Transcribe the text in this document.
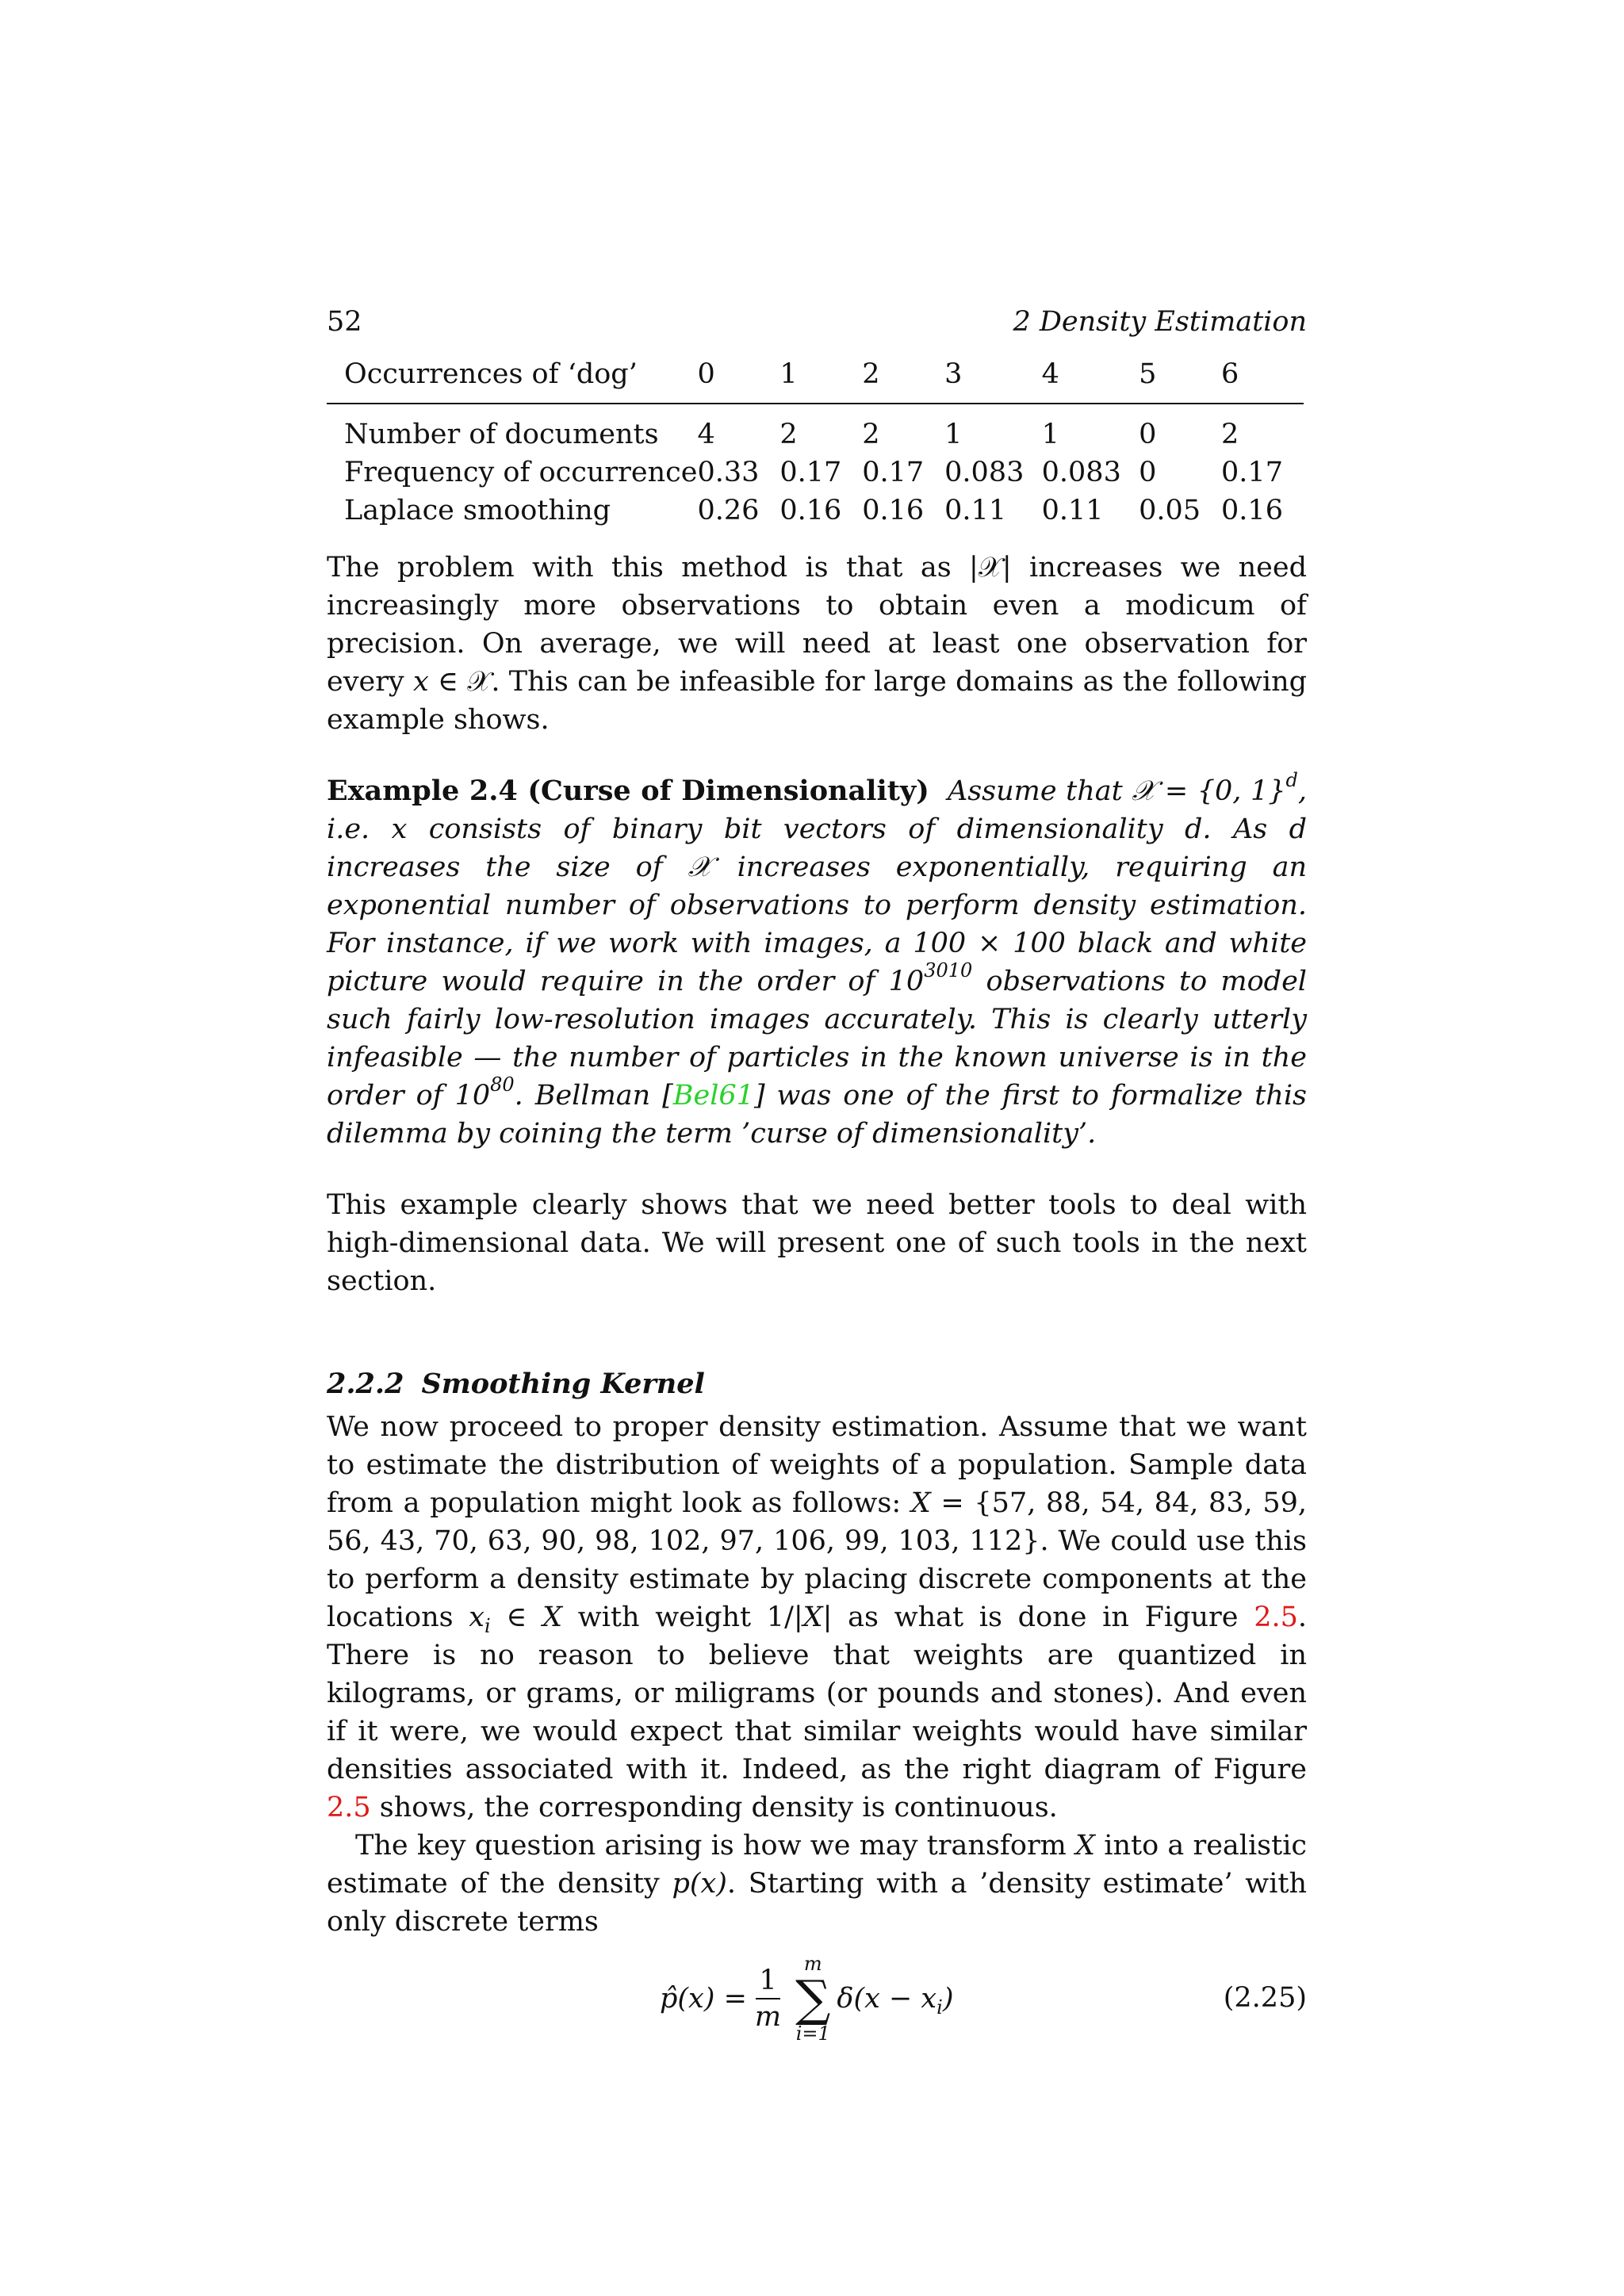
52	2 Density Estimation
Occurrences of ‘dog’	0	1	2	3	4	5	6
Number of documents	4	2	2	1	1	0	2
Frequency of occurrence	0.33	0.17	0.17	0.083	0.083	0	0.17
Laplace smoothing	0.26	0.16	0.16	0.11	0.11	0.05	0.16

The problem with this method is that as |𝒳| increases we need increasingly more observations to obtain even a modicum of precision. On average, we will need at least one observation for every x ∈ 𝒳. This can be infeasible for large domains as the following example shows.

Example 2.4 (Curse of Dimensionality) Assume that 𝒳 = {0, 1}$^d$, i.e. x consists of binary bit vectors of dimensionality d. As d increases the size of 𝒳 increases exponentially, requiring an exponential number of observations to perform density estimation. For instance, if we work with images, a 100 × 100 black and white picture would require in the order of $10^{3010}$ observations to model such fairly low-resolution images accurately. This is clearly utterly infeasible — the number of particles in the known universe is in the order of $10^{80}$. Bellman [Bel61] was one of the first to formalize this dilemma by coining the term ’curse of dimensionality’.

This example clearly shows that we need better tools to deal with high-dimensional data. We will present one of such tools in the next section.

2.2.2 Smoothing Kernel

We now proceed to proper density estimation. Assume that we want to estimate the distribution of weights of a population. Sample data from a population might look as follows: X = {57, 88, 54, 84, 83, 59, 56, 43, 70, 63, 90, 98, 102, 97, 106, 99, 103, 112}. We could use this to perform a density estimate by placing discrete components at the locations $x_i$ ∈ X with weight 1/|X| as what is done in Figure 2.5. There is no reason to believe that weights are quantized in kilograms, or grams, or miligrams (or pounds and stones). And even if it were, we would expect that similar weights would have similar densities associated with it. Indeed, as the right diagram of Figure 2.5 shows, the corresponding density is continuous.

The key question arising is how we may transform X into a realistic estimate of the density p(x). Starting with a ’density estimate’ with only discrete terms

p̂(x) = $\frac{1}{m}$ m
∑
i=1
$\delta(x - x_i)$	(2.25)
